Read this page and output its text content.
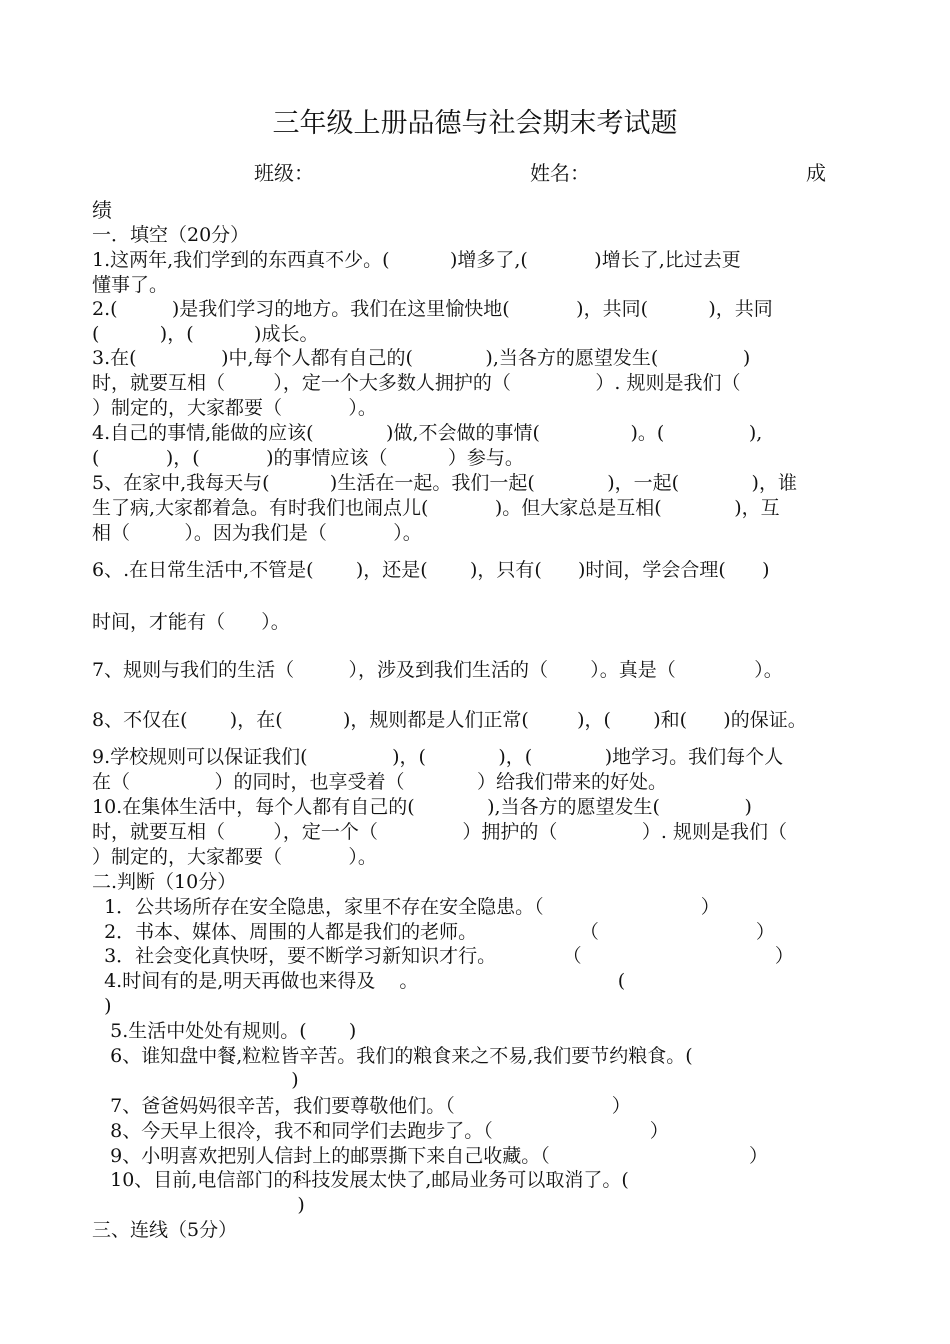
三年级上册品德与社会期末考试题
班级：	姓名：	成
绩
一．填空（20分）
1.这两年,我们学到的东西真不少。(          )增多了,(           )增长了,比过去更
懂事了。
2.(         )是我们学习的地方。我们在这里愉快地(           )，共同(          )，共同
(          )，(          )成长。
3.在(              )中,每个人都有自己的(            ),当各方的愿望发生(              )
时，就要互相（        ），定一个大多数人拥护的（              ）. 规则是我们（
）制定的，大家都要（           ）。
4.自己的事情,能做的应该(            )做,不会做的事情(               )。(              ),
(           )，(           )的事情应该（          ）参与。
5、在家中,我每天与(          )生活在一起。我们一起(            )，一起(            )，谁
生了病,大家都着急。有时我们也闹点儿(           )。但大家总是互相(            )，互
相（         ）。因为我们是（           ）。
6、.在日常生活中,不管是(       )，还是(       )，只有(      )时间，学会合理(      )
时间，才能有（      ）。
7、规则与我们的生活（         ），涉及到我们生活的（       ）。真是（             ）。
8、不仅在(       )，在(          )，规则都是人们正常(        )，(       )和(      )的保证。
9.学校规则可以保证我们(              )，(            )，(            )地学习。我们每个人
在（              ）的同时，也享受着（            ）给我们带来的好处。
10.在集体生活中，每个人都有自己的(            ),当各方的愿望发生(              )
时，就要互相（        ），定一个（              ）拥护的（              ）. 规则是我们（
）制定的，大家都要（           ）。
二.判断（10分）
1．公共场所存在安全隐患，家里不存在安全隐患。（                          ）
2．书本、媒体、周围的人都是我们的老师。                 （                          ）
3．社会变化真快呀，要不断学习新知识才行。           （                                ）
4.时间有的是,明天再做也来得及    。                                 (
)
5.生活中处处有规则。(       )
6、谁知盘中餐,粒粒皆辛苦。我们的粮食来之不易,我们要节约粮食。(
)
7、爸爸妈妈很辛苦，我们要尊敬他们。（                          ）
8、今天早上很冷，我不和同学们去跑步了。（                          ）
9、小明喜欢把别人信封上的邮票撕下来自己收藏。（                                 ）
10、目前,电信部门的科技发展太快了,邮局业务可以取消了。(
)
三、连线（5分）
